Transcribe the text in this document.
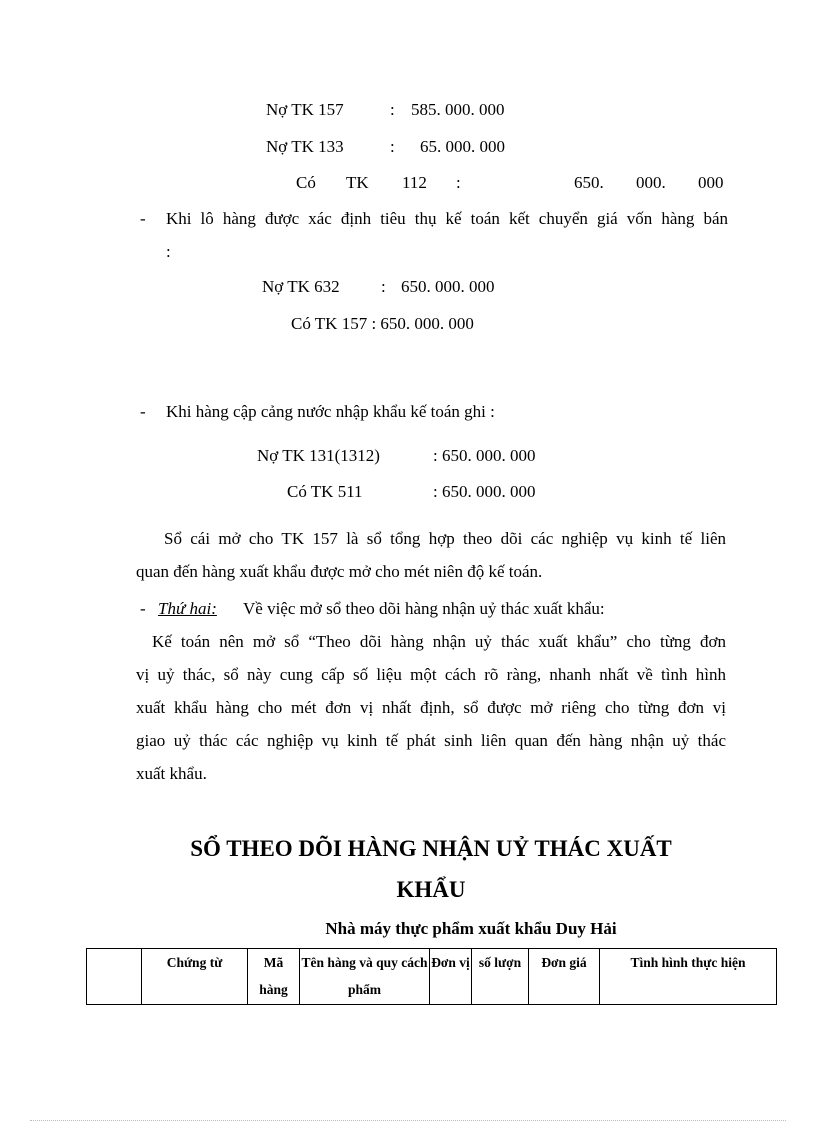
Nợ TK 157	: 585. 000. 000
Nợ TK 133	: 65. 000. 000
Có TK 112 :	650. 000. 000
- Khi lô hàng được xác định tiêu thụ kế toán kết chuyển giá vốn hàng bán
:
Nợ TK 632 : 650. 000. 000
Có TK 157 : 650. 000. 000
- Khi hàng cập cảng nước nhập khẩu kế toán ghi :
Nợ TK 131(1312)	: 650. 000. 000
Có TK 511	: 650. 000. 000
Sổ cái mở cho TK 157 là sổ tổng hợp theo dõi các nghiệp vụ kinh tế liên
quan đến hàng xuất khẩu được mở cho mét niên độ kế toán.
- Thứ hai: Về việc mở sổ theo dõi hàng nhận uỷ thác xuất khẩu:
Kế toán nên mở sổ “Theo dõi hàng nhận uỷ thác xuất khẩu” cho từng đơn
vị uỷ thác, sổ này cung cấp số liệu một cách rõ ràng, nhanh nhất về tình hình
xuất khẩu hàng cho mét đơn vị nhất định, sổ được mở riêng cho từng đơn vị
giao uỷ thác các nghiệp vụ kinh tế phát sinh liên quan đến hàng nhận uỷ thác
xuất khẩu.
SỔ THEO DÕI HÀNG NHẬN UỶ THÁC XUẤT
KHẨU
Nhà máy thực phẩm xuất khẩu Duy Hải
	Chứng từ	Mã hàng	Tên hàng và quy cách phẩm	Đơn vị	số lượn	Đơn giá	Tình hình thực hiện
